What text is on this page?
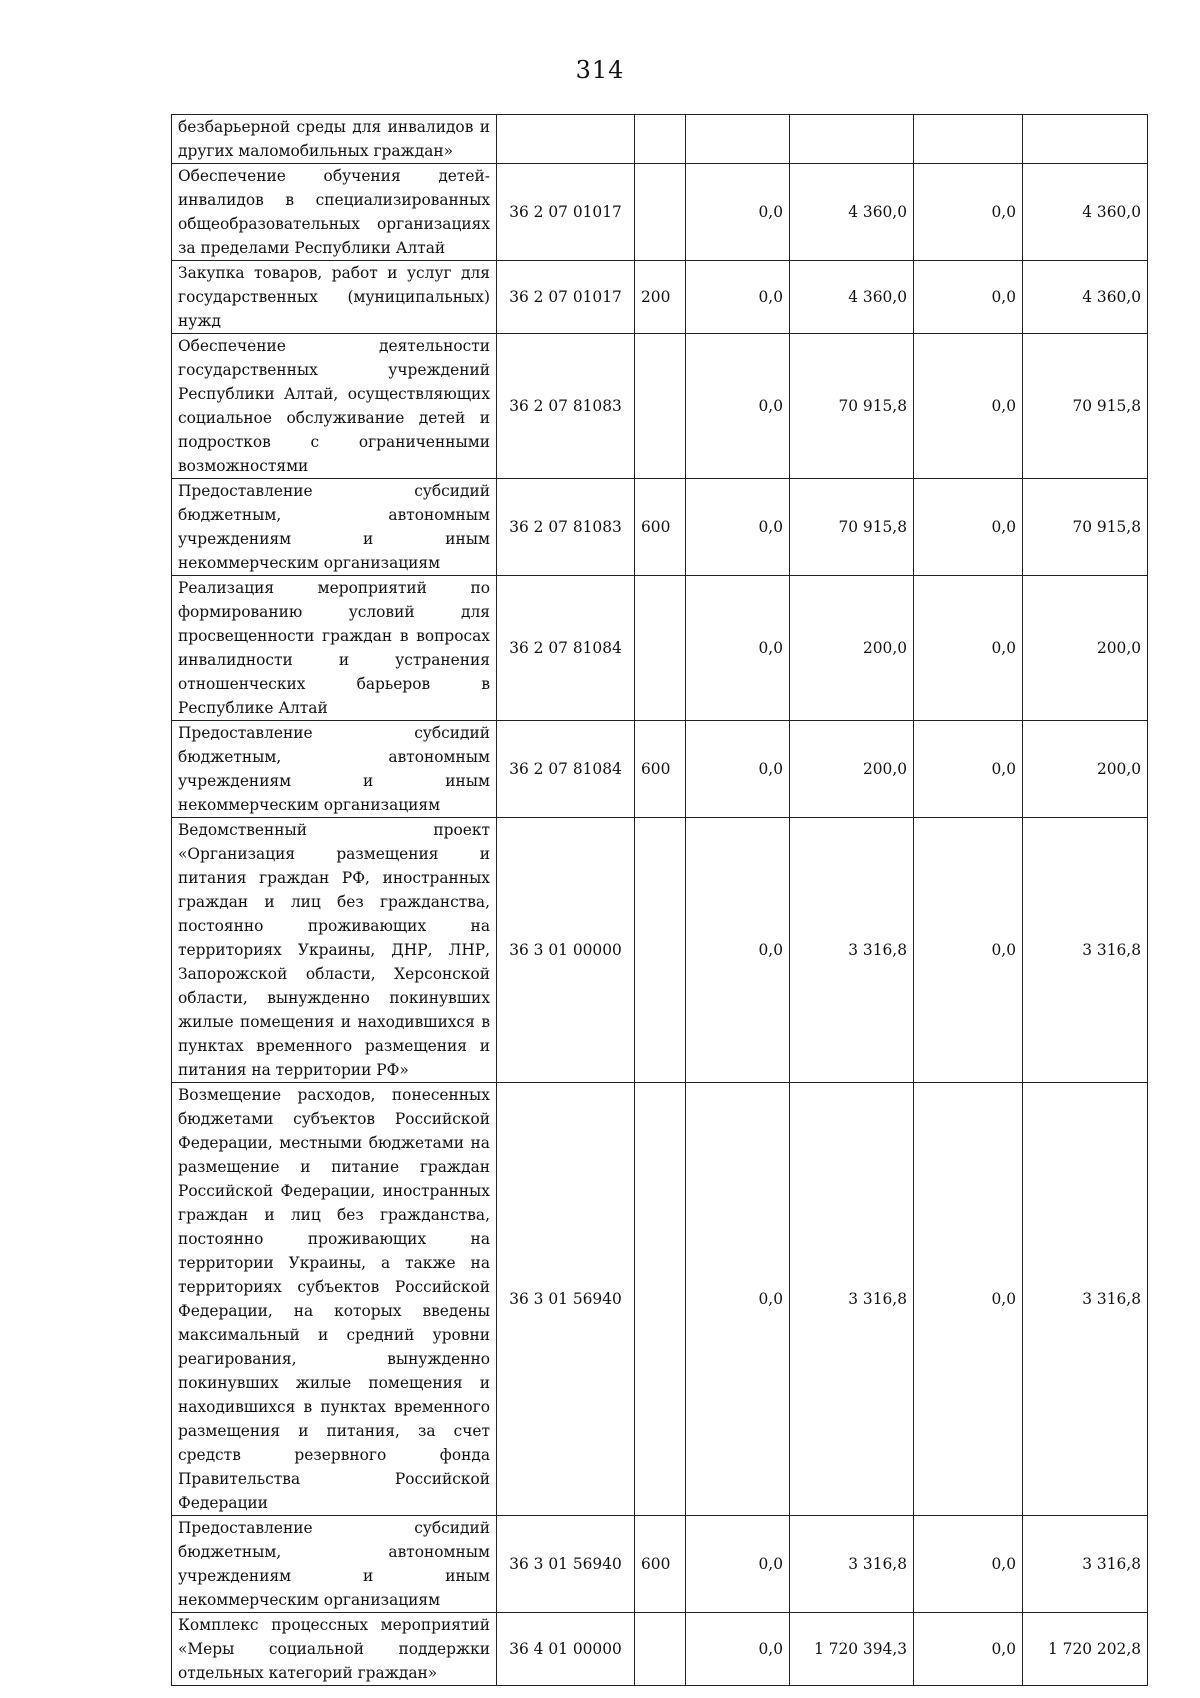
314
безбарьерной среды для инвалидов и других маломобильных граждан»						
Обеспечение обучения детей-инвалидов в специализированных общеобразовательных организациях за пределами Республики Алтай	36 2 07 01017		0,0	4 360,0	0,0	4 360,0
Закупка товаров, работ и услуг для государственных (муниципальных) нужд	36 2 07 01017	200	0,0	4 360,0	0,0	4 360,0
Обеспечение деятельности государственных учреждений Республики Алтай, осуществляющих социальное обслуживание детей и подростков с ограниченными возможностями	36 2 07 81083		0,0	70 915,8	0,0	70 915,8
Предоставление субсидий бюджетным, автономным учреждениям и иным некоммерческим организациям	36 2 07 81083	600	0,0	70 915,8	0,0	70 915,8
Реализация мероприятий по формированию условий для просвещенности граждан в вопросах инвалидности и устранения отношенческих барьеров в Республике Алтай	36 2 07 81084		0,0	200,0	0,0	200,0
Предоставление субсидий бюджетным, автономным учреждениям и иным некоммерческим организациям	36 2 07 81084	600	0,0	200,0	0,0	200,0
Ведомственный проект «Организация размещения и питания граждан РФ, иностранных граждан и лиц без гражданства, постоянно проживающих на территориях Украины, ДНР, ЛНР, Запорожской области, Херсонской области, вынужденно покинувших жилые помещения и находившихся в пунктах временного размещения и питания на территории РФ»	36 3 01 00000		0,0	3 316,8	0,0	3 316,8
Возмещение расходов, понесенных бюджетами субъектов Российской Федерации, местными бюджетами на размещение и питание граждан Российской Федерации, иностранных граждан и лиц без гражданства, постоянно проживающих на территории Украины, а также на территориях субъектов Российской Федерации, на которых введены максимальный и средний уровни реагирования, вынужденно покинувших жилые помещения и находившихся в пунктах временного размещения и питания, за счет средств резервного фонда Правительства Российской Федерации	36 3 01 56940		0,0	3 316,8	0,0	3 316,8
Предоставление субсидий бюджетным, автономным учреждениям и иным некоммерческим организациям	36 3 01 56940	600	0,0	3 316,8	0,0	3 316,8
Комплекс процессных мероприятий «Меры социальной поддержки отдельных категорий граждан»	36 4 01 00000		0,0	1 720 394,3	0,0	1 720 202,8
